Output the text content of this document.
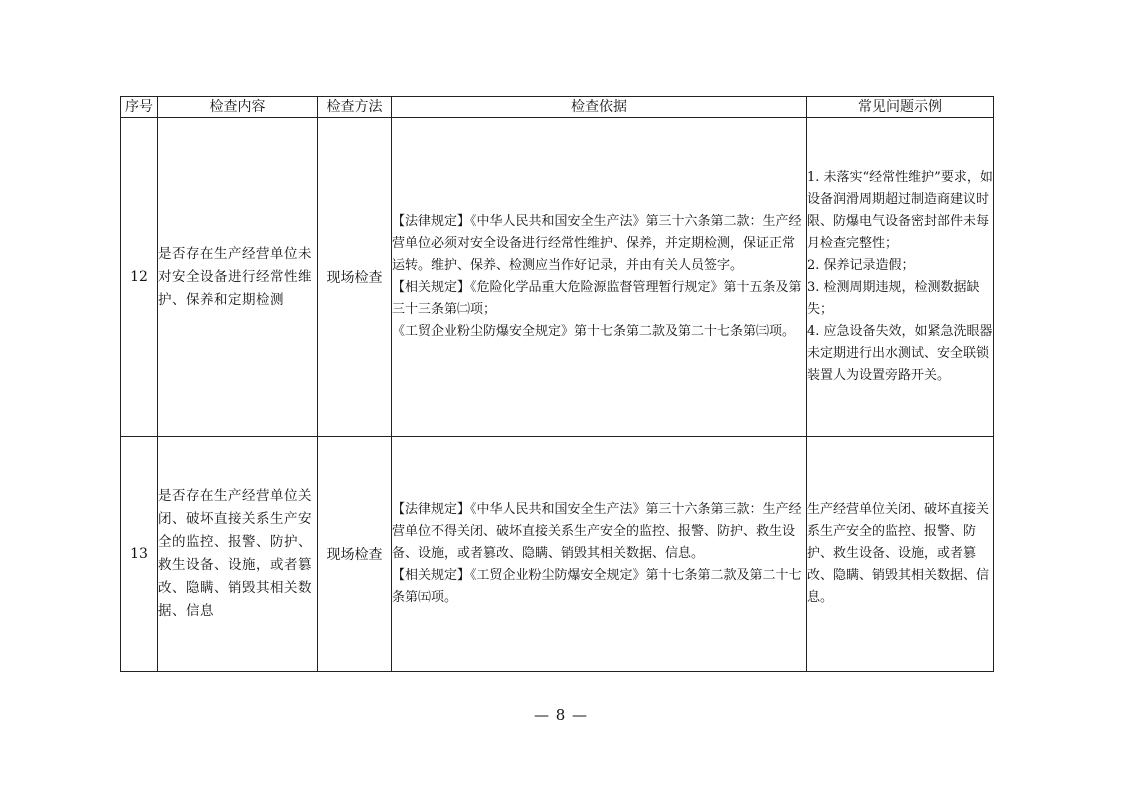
序号	检查内容	检查方法	检查依据	常见问题示例
12	是否存在生产经营单位未对安全设备进行经常性维护、保养和定期检测	现场检查	【法律规定】《中华人民共和国安全生产法》第三十六条第二款：生产经营单位必须对安全设备进行经常性维护、保养，并定期检测，保证正常运转。维护、保养、检测应当作好记录，并由有关人员签字。
【相关规定】《危险化学品重大危险源监督管理暂行规定》第十五条及第三十三条第㈡项；
《工贸企业粉尘防爆安全规定》第十七条第二款及第二十七条第㈢项。	1. 未落实“经常性维护”要求，如设备润滑周期超过制造商建议时限、防爆电气设备密封部件未每月检查完整性；
2. 保养记录造假；
3. 检测周期违规，检测数据缺失；
4. 应急设备失效，如紧急洗眼器未定期进行出水测试、安全联锁装置人为设置旁路开关。

13	是否存在生产经营单位关闭、破坏直接关系生产安全的监控、报警、防护、救生设备、设施，或者篡改、隐瞒、销毁其相关数据、信息	现场检查	【法律规定】《中华人民共和国安全生产法》第三十六条第三款：生产经营单位不得关闭、破坏直接关系生产安全的监控、报警、防护、救生设备、设施，或者篡改、隐瞒、销毁其相关数据、信息。
【相关规定】《工贸企业粉尘防爆安全规定》第十七条第二款及第二十七条第㈤项。	生产经营单位关闭、破坏直接关系生产安全的监控、报警、防护、救生设备、设施，或者篡改、隐瞒、销毁其相关数据、信息。
— 8 —
